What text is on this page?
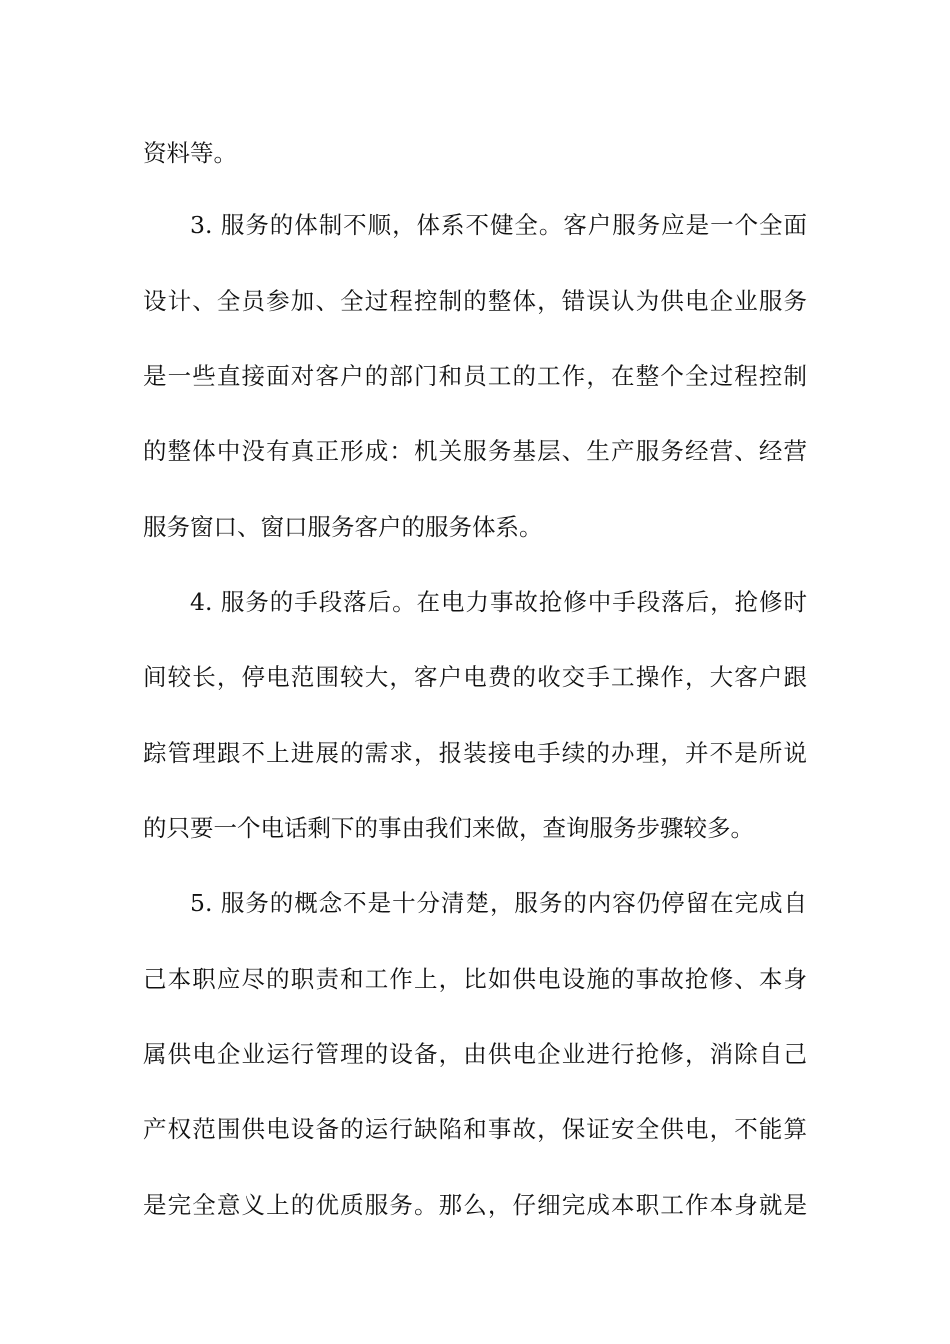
资料等。
3. 服务的体制不顺，体系不健全。客户服务应是一个全面
设计、全员参加、全过程控制的整体，错误认为供电企业服务
是一些直接面对客户的部门和员工的工作，在整个全过程控制
的整体中没有真正形成：机关服务基层、生产服务经营、经营
服务窗口、窗口服务客户的服务体系。
4. 服务的手段落后。在电力事故抢修中手段落后，抢修时
间较长，停电范围较大，客户电费的收交手工操作，大客户跟
踪管理跟不上进展的需求，报装接电手续的办理，并不是所说
的只要一个电话剩下的事由我们来做，查询服务步骤较多。
5. 服务的概念不是十分清楚，服务的内容仍停留在完成自
己本职应尽的职责和工作上，比如供电设施的事故抢修、本身
属供电企业运行管理的设备，由供电企业进行抢修，消除自己
产权范围供电设备的运行缺陷和事故，保证安全供电，不能算
是完全意义上的优质服务。那么，仔细完成本职工作本身就是
